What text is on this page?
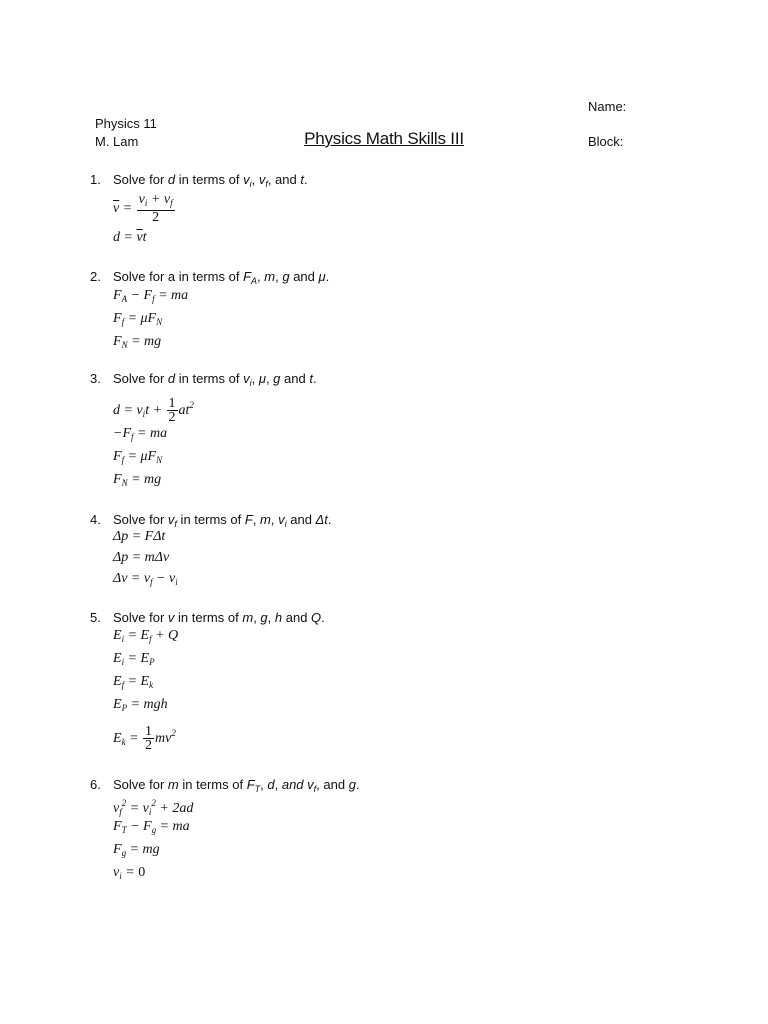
Name:
Physics 11
M. Lam	Physics Math Skills III	Block:
1. Solve for d in terms of $v_i$, $v_f$, and t.
$\overline{v} = \frac{v_i + v_f}{2}$
$d = \overline{v}t$
2. Solve for a in terms of $F_A$, m, g and μ.
$F_A - F_f$ = ma
$F_f = \mu F_N$
$F_N$ = mg
3. Solve for d in terms of $v_i$, μ, g and t.
$d = v_it + \frac{1}{2} at^2$
$-F_f$ = ma
$F_f = \mu F_N$
$F_N$ = mg
4. Solve for $v_f$ in terms of F, m, $v_i$ and Δt.
Δp = FΔt
Δp = mΔv
$\Delta v = v_f - v_i$
5. Solve for v in terms of m, g, h and Q.
$E_i = E_f + Q$
$E_i = E_P$
$E_f = E_k$
$E_P$ = mgh
$E_k = \frac{1}{2} mv^2$
6. Solve for m in terms of $F_T$, d, and $v_f$, and g.
$v_f^2 = v_i^2 + 2ad$
$F_T - F_g$ = ma
$F_g$ = mg
$v_i = 0$
